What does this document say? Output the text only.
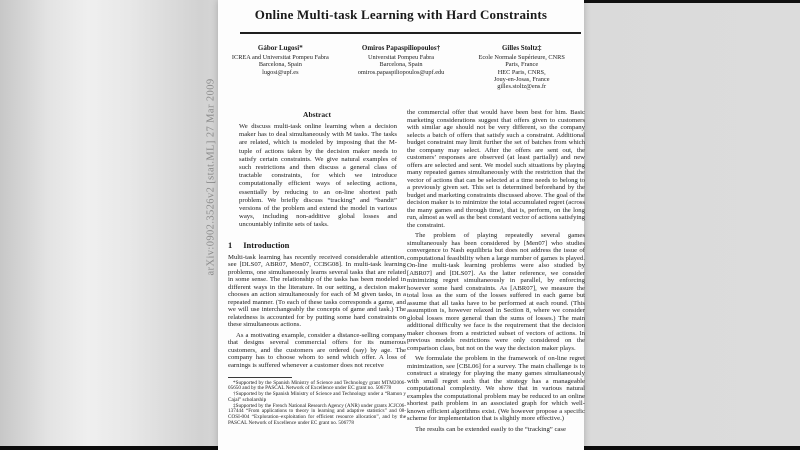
arXiv:0902.3526v2 [stat.ML] 27 Mar 2009
Online Multi-task Learning with Hard Constraints
Gábor Lugosi*
ICREA and Universitat Pompeu Fabra
Barcelona, Spain
lugosi@upf.es
Omiros Papaspiliopoulos†
Universitat Pompeu Fabra
Barcelona, Spain
omiros.papaspiliopoulos@upf.edu
Gilles Stoltz‡
Ecole Normale Supérieure, CNRS
Paris, France
HEC Paris, CNRS,
Jouy-en-Josas, France
gilles.stoltz@ens.fr
Abstract
We discuss multi-task online learning when a decision maker has to deal simultaneously with M tasks. The tasks are related, which is modeled by imposing that the M-tuple of actions taken by the decision maker needs to satisfy certain constraints. We give natural examples of such restrictions and then discuss a general class of tractable constraints, for which we introduce computationally efficient ways of selecting actions, essentially by reducing to an on-line shortest path problem. We briefly discuss “tracking” and “bandit” versions of the problem and extend the model in various ways, including non-additive global losses and uncountably infinite sets of tasks.
1 Introduction

Multi-task learning has recently received considerable attention, see [DLS07, ABR07, Men07, CCBG08]. In multi-task learning problems, one simultaneously learns several tasks that are related in some sense. The relationship of the tasks has been modeled in different ways in the literature. In our setting, a decision maker chooses an action simultaneously for each of M given tasks, in a repeated manner. (To each of these tasks corresponds a game, and we will use interchangeably the concepts of game and task.) The relatedness is accounted for by putting some hard constraints on these simultaneous actions.

As a motivating example, consider a distance-selling company that designs several commercial offers for its numerous customers, and the customers are ordered (say) by age. The company has to choose whom to send which offer. A loss of earnings is suffered whenever a customer does not receive

*Supported by the Spanish Ministry of Science and Technology grant MTM2006-05650 and by the PASCAL Network of Excellence under EC grant no. 506778

†Supported by the Spanish Ministry of Science and Technology under a “Ramon y Cajal” scholarship

‡Supported by the French National Research Agency (ANR) under grants JCJC06-137444 “From applications to theory in learning and adaptive statistics” and 08-COSI-004 “Exploration–exploitation for efficient resource allocation”, and by the PASCAL Network of Excellence under EC grant no. 506778

the commercial offer that would have been best for him. Basic marketing considerations suggest that offers given to customers with similar age should not be very different, so the company selects a batch of offers that satisfy such a constraint. Additional budget constraint may limit further the set of batches from which the company may select. After the offers are sent out, the customers’ responses are observed (at least partially) and new offers are selected and sent. We model such situations by playing many repeated games simultaneously with the restriction that the vector of actions that can be selected at a time needs to belong to a previously given set. This set is determined beforehand by the budget and marketing constraints discussed above. The goal of the decision maker is to minimize the total accumulated regret (across the many games and through time), that is, perform, on the long run, almost as well as the best constant vector of actions satisfying the constraint.

The problem of playing repeatedly several games simultaneously has been considered by [Men07] who studies convergence to Nash equilibria but does not address the issue of computational feasibility when a large number of games is played. On-line multi-task learning problems were also studied by [ABR07] and [DLS07]. As the latter reference, we consider minimizing regret simultaneously in parallel, by enforcing however some hard constraints. As [ABR07], we measure the total loss as the sum of the losses suffered in each game but assume that all tasks have to be performed at each round. (This assumption is, however relaxed in Section 8, where we consider global losses more general than the sums of losses.) The main additional difficulty we face is the requirement that the decision maker chooses from a restricted subset of vectors of actions. In previous models restrictions were only considered on the comparison class, but not on the way the decision maker plays.

We formulate the problem in the framework of on-line regret minimization, see [CBL06] for a survey. The main challenge is to construct a strategy for playing the many games simultaneously with small regret such that the strategy has a manageable computational complexity. We show that in various natural examples the computational problem may be reduced to an online shortest path problem in an associated graph for which well-known efficient algorithms exist. (We however propose a specific scheme for implementation that is slightly more effective.)

The results can be extended easily to the “tracking” case
